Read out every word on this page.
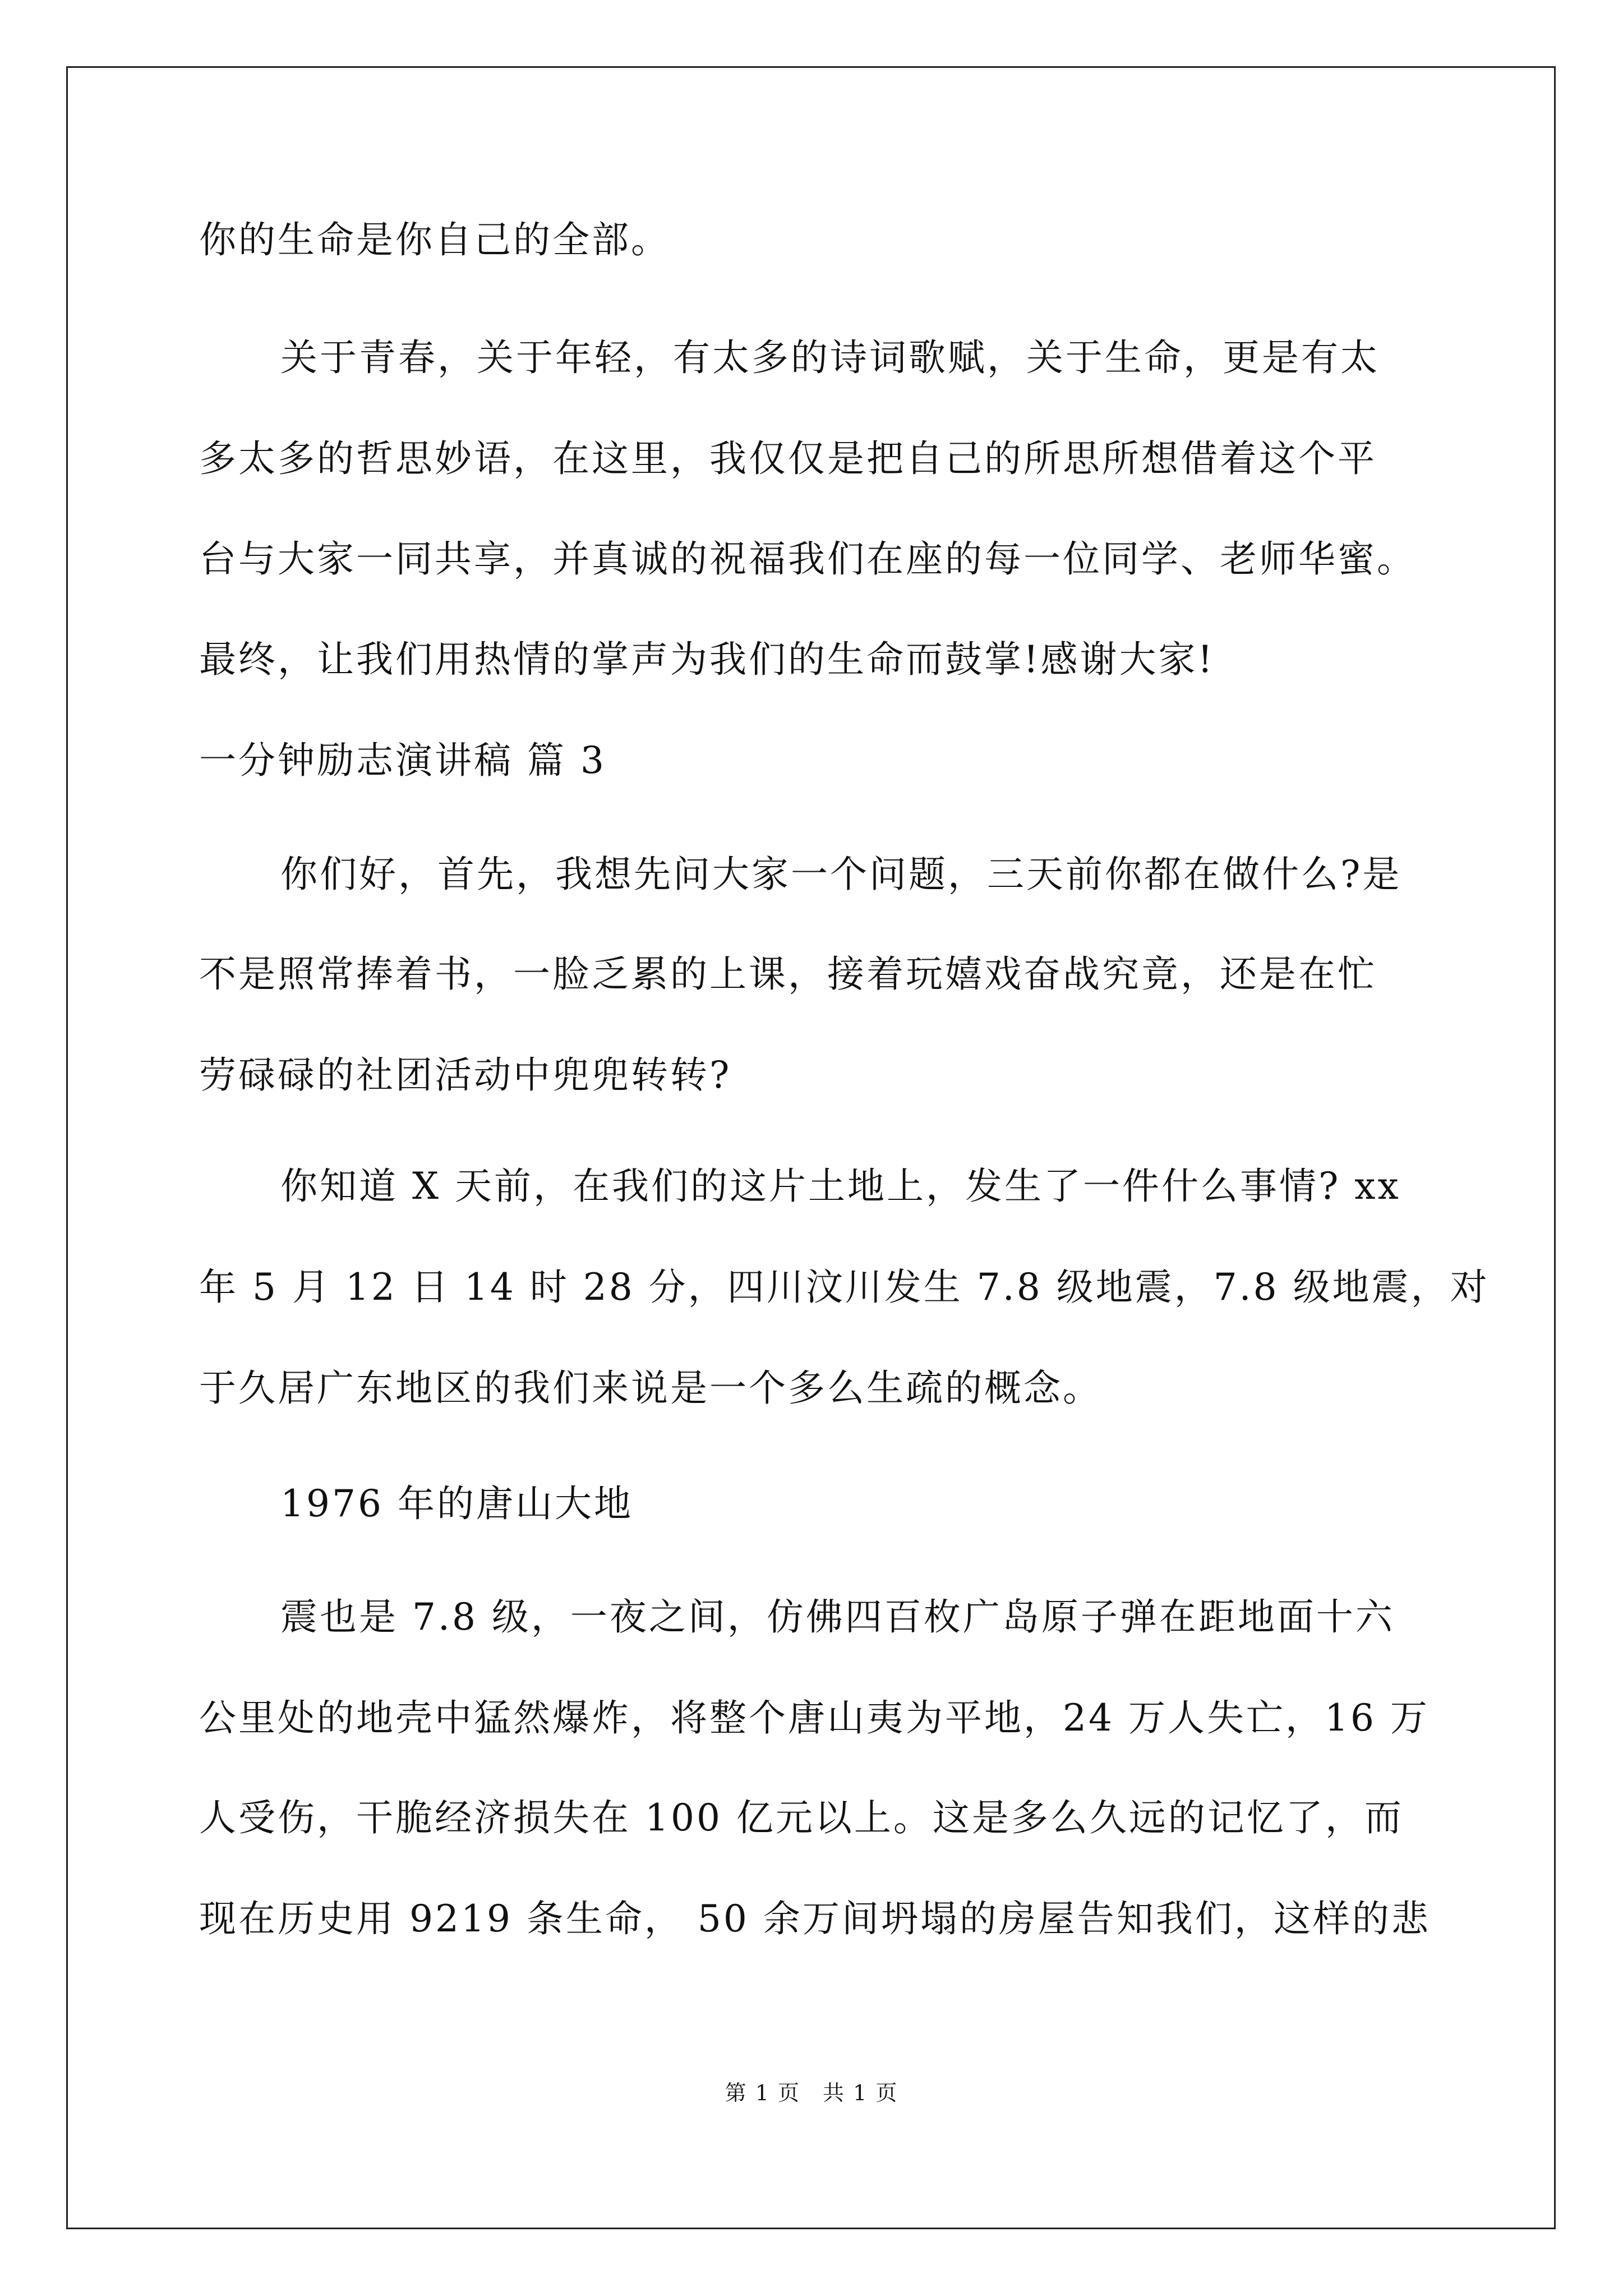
你的生命是你自己的全部。
关于青春，关于年轻，有太多的诗词歌赋，关于生命，更是有太
多太多的哲思妙语，在这里，我仅仅是把自己的所思所想借着这个平
台与大家一同共享，并真诚的祝福我们在座的每一位同学、老师华蜜。
最终，让我们用热情的掌声为我们的生命而鼓掌!感谢大家!
一分钟励志演讲稿 篇 3
你们好，首先，我想先问大家一个问题，三天前你都在做什么?是
不是照常捧着书，一脸乏累的上课，接着玩嬉戏奋战究竟，还是在忙
劳碌碌的社团活动中兜兜转转?
你知道 X 天前，在我们的这片土地上，发生了一件什么事情? xx
年 5 月 12 日 14 时 28 分，四川汶川发生 7.8 级地震，7.8 级地震，对
于久居广东地区的我们来说是一个多么生疏的概念。
1976 年的唐山大地
震也是 7.8 级，一夜之间，仿佛四百枚广岛原子弹在距地面十六
公里处的地壳中猛然爆炸，将整个唐山夷为平地，24 万人失亡，16 万
人受伤，干脆经济损失在 100 亿元以上。这是多么久远的记忆了，而
现在历史用 9219 条生命， 50 余万间坍塌的房屋告知我们，这样的悲
第 1 页　共 1 页
